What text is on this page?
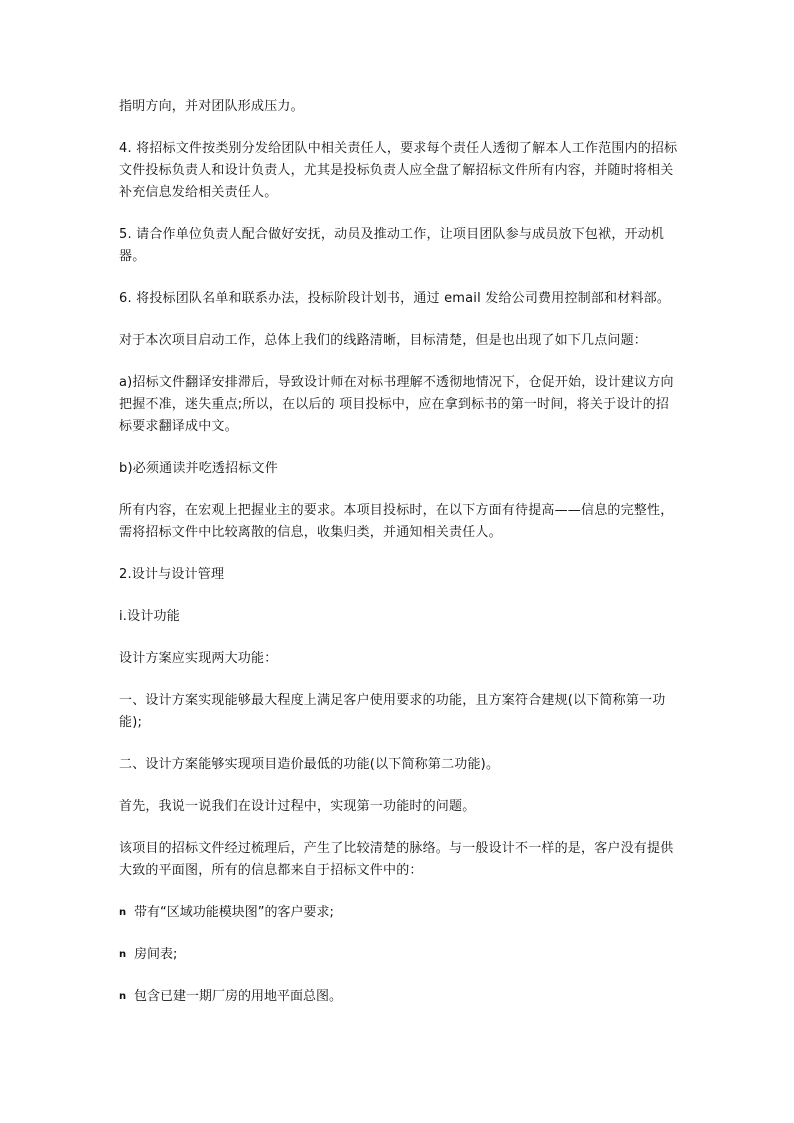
指明方向，并对团队形成压力。

4. 将招标文件按类别分发给团队中相关责任人，要求每个责任人透彻了解本人工作范围内的招标文件投标负责人和设计负责人，尤其是投标负责人应全盘了解招标文件所有内容，并随时将相关补充信息发给相关责任人。

5. 请合作单位负责人配合做好安抚，动员及推动工作，让项目团队参与成员放下包袱，开动机器。

6. 将投标团队名单和联系办法，投标阶段计划书，通过 email 发给公司费用控制部和材料部。

对于本次项目启动工作，总体上我们的线路清晰，目标清楚，但是也出现了如下几点问题：

a)招标文件翻译安排滞后，导致设计师在对标书理解不透彻地情况下，仓促开始，设计建议方向把握不准，迷失重点;所以，在以后的 项目投标中，应在拿到标书的第一时间，将关于设计的招标要求翻译成中文。

b)必须通读并吃透招标文件

所有内容，在宏观上把握业主的要求。本项目投标时，在以下方面有待提高——信息的完整性，需将招标文件中比较离散的信息，收集归类，并通知相关责任人。

2.设计与设计管理

i.设计功能

设计方案应实现两大功能：

一、设计方案实现能够最大程度上满足客户使用要求的功能，且方案符合建规(以下简称第一功能);

二、设计方案能够实现项目造价最低的功能(以下简称第二功能)。

首先，我说一说我们在设计过程中，实现第一功能时的问题。

该项目的招标文件经过梳理后，产生了比较清楚的脉络。与一般设计不一样的是，客户没有提供大致的平面图，所有的信息都来自于招标文件中的：

n 带有“区域功能模块图”的客户要求;
n 房间表;
n 包含已建一期厂房的用地平面总图。
